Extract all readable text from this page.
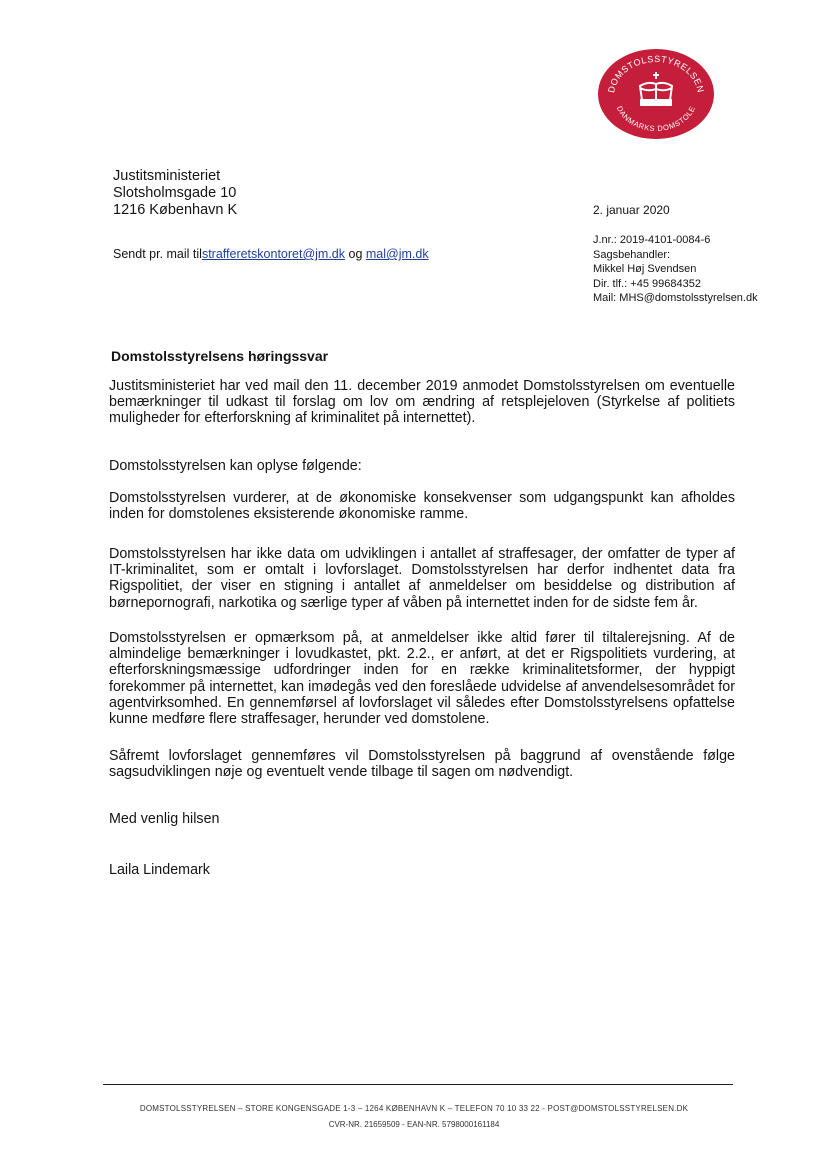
DOMSTOLSSTYRELSEN
DANMARKS DOMSTOLE
Justitsministeriet
Slotsholmsgade 10
1216 København K	2. januar 2020
J.nr.: 2019-4101-0084-6
Sagsbehandler:
Mikkel Høj Svendsen
Dir. tlf.: +45 99684352
Mail: MHS@domstolsstyrelsen.dk
Sendt pr. mail tilstrafferetskontoret@jm.dk og mal@jm.dk
Domstolsstyrelsens høringssvar
Justitsministeriet har ved mail den 11. december 2019 anmodet Domstolsstyrelsen om eventuelle bemærkninger til udkast til forslag om lov om ændring af retsplejeloven (Styrkelse af politiets muligheder for efterforskning af kriminalitet på internettet).
Domstolsstyrelsen kan oplyse følgende:
Domstolsstyrelsen vurderer, at de økonomiske konsekvenser som udgangspunkt kan afholdes inden for domstolenes eksisterende økonomiske ramme.
Domstolsstyrelsen har ikke data om udviklingen i antallet af straffesager, der omfatter de typer af IT-kriminalitet, som er omtalt i lovforslaget. Domstolsstyrelsen har derfor indhentet data fra Rigspolitiet, der viser en stigning i antallet af anmeldelser om besiddelse og distribution af børnepornografi, narkotika og særlige typer af våben på internettet inden for de sidste fem år.
Domstolsstyrelsen er opmærksom på, at anmeldelser ikke altid fører til tiltalerejsning. Af de almindelige bemærkninger i lovudkastet, pkt. 2.2., er anført, at det er Rigspolitiets vurdering, at efterforskningsmæssige udfordringer inden for en række kriminalitetsformer, der hyppigt forekommer på internettet, kan imødegås ved den foreslåede udvidelse af anvendelsesområdet for agentvirksomhed. En gennemførsel af lovforslaget vil således efter Domstolsstyrelsens opfattelse kunne medføre flere straffesager, herunder ved domstolene.
Såfremt lovforslaget gennemføres vil Domstolsstyrelsen på baggrund af ovenstående følge sagsudviklingen nøje og eventuelt vende tilbage til sagen om nødvendigt.
Med venlig hilsen
Laila Lindemark
DOMSTOLSSTYRELSEN – STORE KONGENSGADE 1-3 – 1264 KØBENHAVN K – TELEFON 70 10 33 22 - POST@DOMSTOLSSTYRELSEN.DK
CVR-NR. 21659509 - EAN-NR. 5798000161184
